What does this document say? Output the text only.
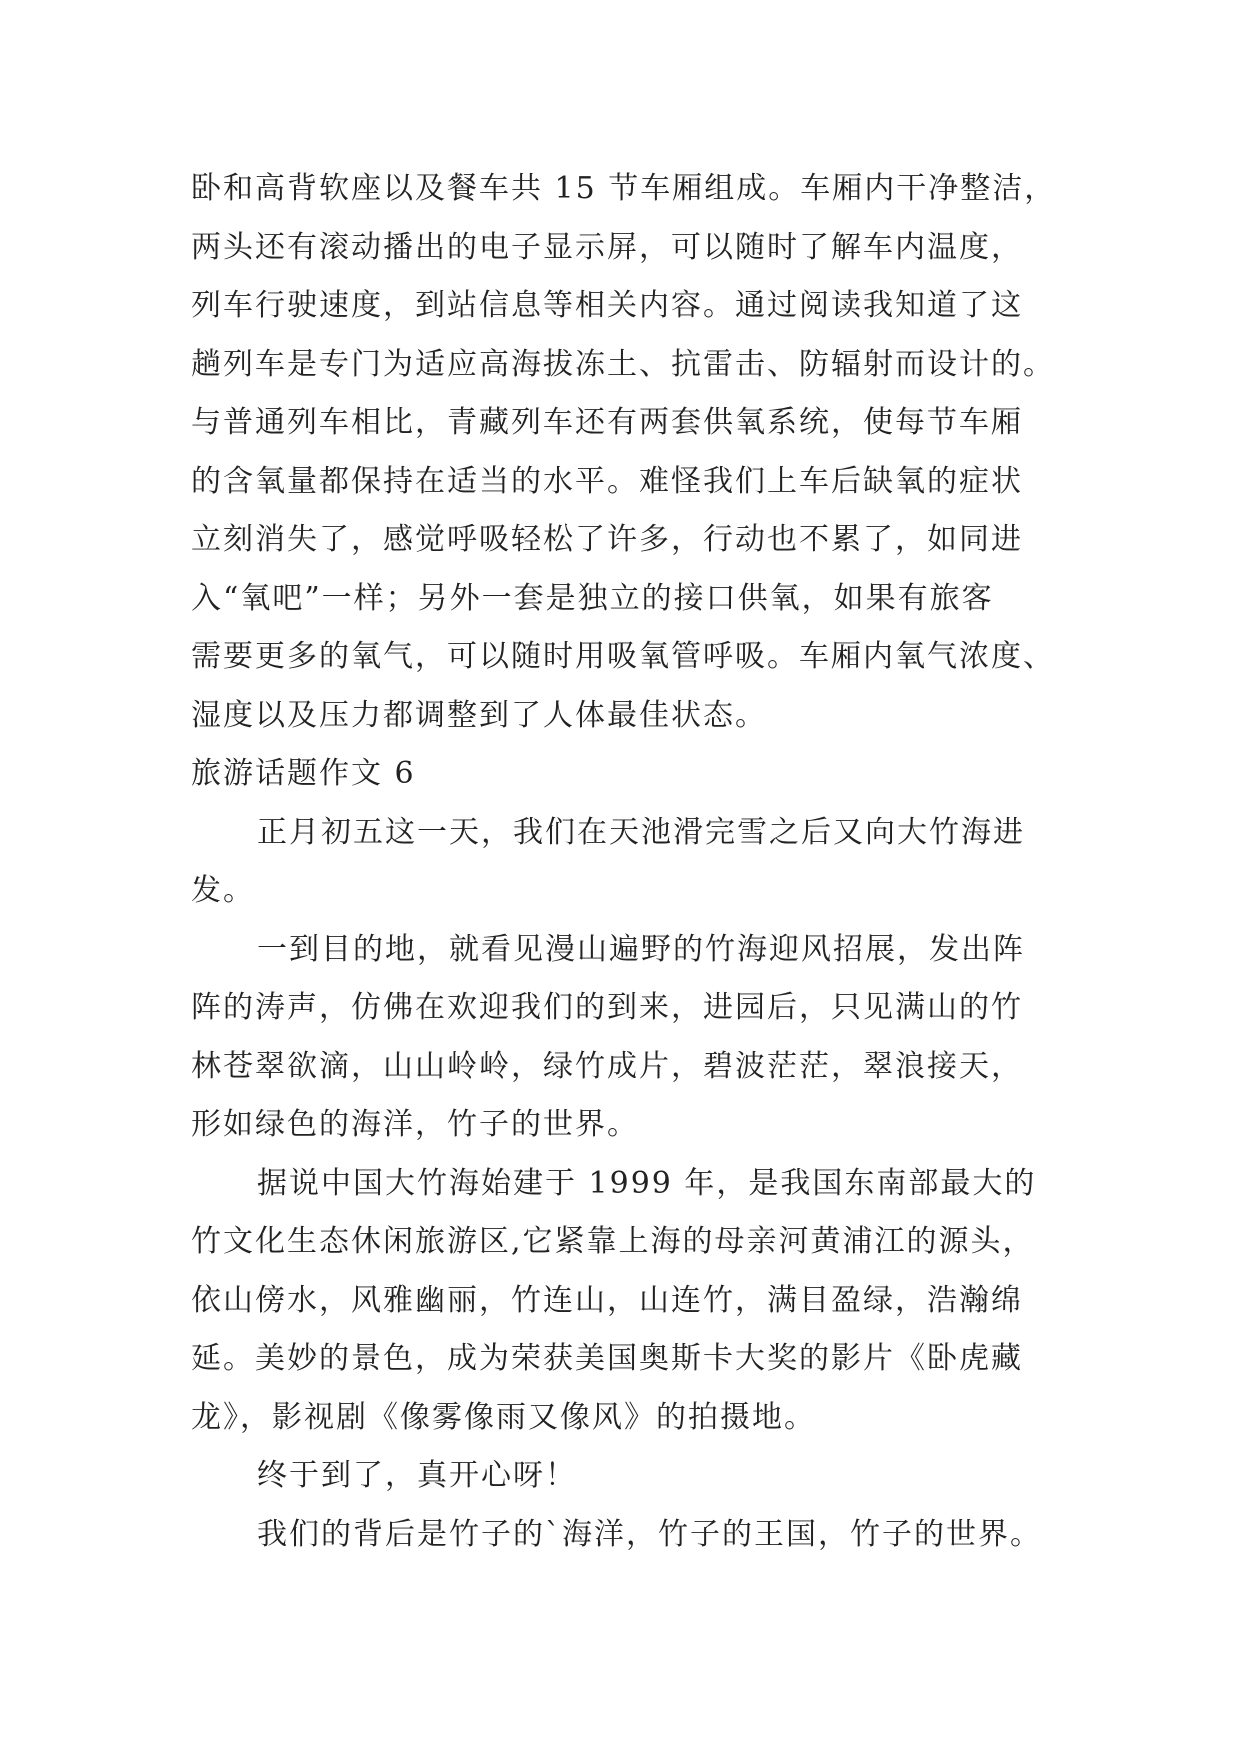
卧和高背软座以及餐车共 15 节车厢组成。车厢内干净整洁，
两头还有滚动播出的电子显示屏，可以随时了解车内温度，
列车行驶速度，到站信息等相关内容。通过阅读我知道了这
趟列车是专门为适应高海拔冻土、抗雷击、防辐射而设计的。
与普通列车相比，青藏列车还有两套供氧系统，使每节车厢
的含氧量都保持在适当的水平。难怪我们上车后缺氧的症状
立刻消失了，感觉呼吸轻松了许多，行动也不累了，如同进
入“氧吧”一样；另外一套是独立的接口供氧，如果有旅客
需要更多的氧气，可以随时用吸氧管呼吸。车厢内氧气浓度、
湿度以及压力都调整到了人体最佳状态。
旅游话题作文 6
正月初五这一天，我们在天池滑完雪之后又向大竹海进
发。
一到目的地，就看见漫山遍野的竹海迎风招展，发出阵
阵的涛声，仿佛在欢迎我们的到来，进园后，只见满山的竹
林苍翠欲滴，山山岭岭，绿竹成片，碧波茫茫，翠浪接天，
形如绿色的海洋，竹子的世界。
据说中国大竹海始建于 1999 年，是我国东南部最大的
竹文化生态休闲旅游区,它紧靠上海的母亲河黄浦江的源头，
依山傍水，风雅幽丽，竹连山，山连竹，满目盈绿，浩瀚绵
延。美妙的景色，成为荣获美国奥斯卡大奖的影片《卧虎藏
龙》，影视剧《像雾像雨又像风》的拍摄地。
终于到了，真开心呀！
我们的背后是竹子的`海洋，竹子的王国，竹子的世界。
